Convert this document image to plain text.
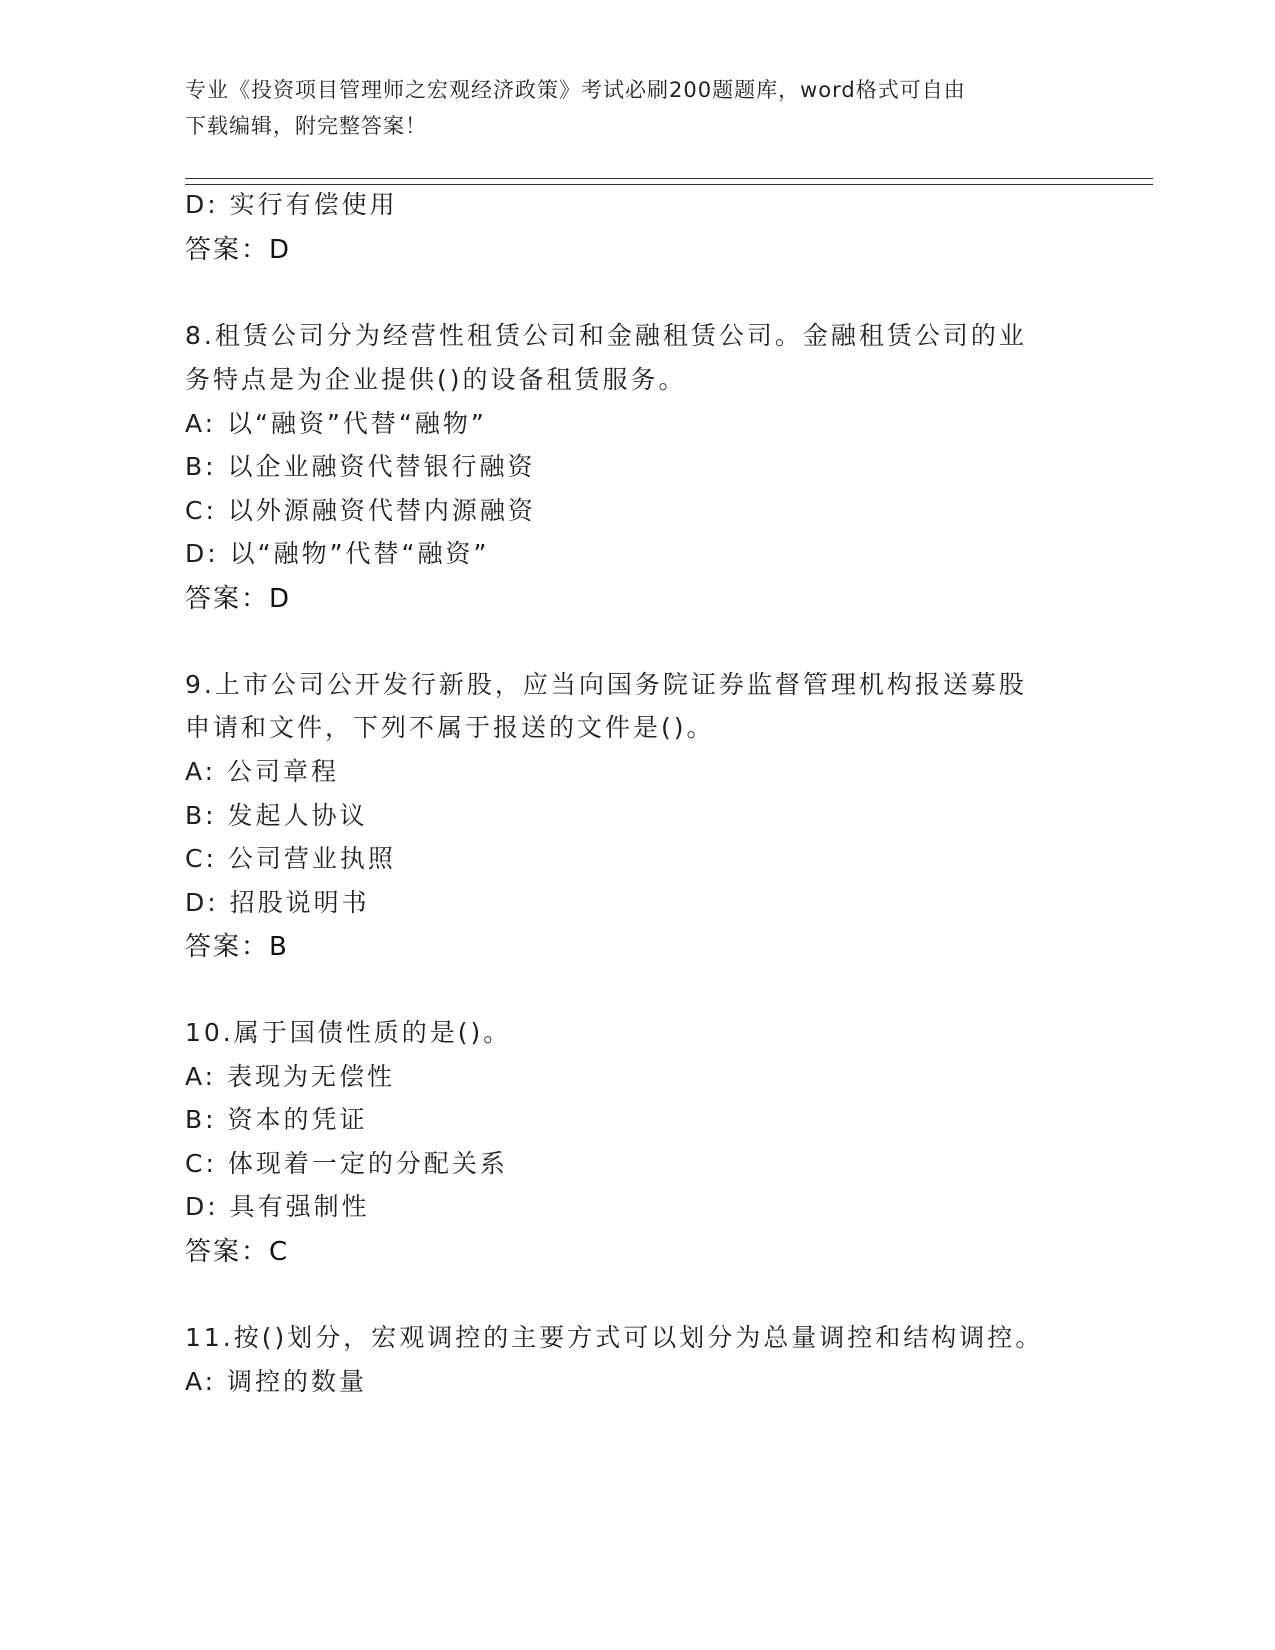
专业《投资项目管理师之宏观经济政策》考试必刷200题题库，word格式可自由
下载编辑，附完整答案！
D: 实行有偿使用
答案：D
8.租赁公司分为经营性租赁公司和金融租赁公司。金融租赁公司的业
务特点是为企业提供()的设备租赁服务。
A: 以“融资”代替“融物”
B: 以企业融资代替银行融资
C: 以外源融资代替内源融资
D: 以“融物”代替“融资”
答案：D
9.上市公司公开发行新股，应当向国务院证券监督管理机构报送募股
申请和文件，下列不属于报送的文件是()。
A: 公司章程
B: 发起人协议
C: 公司营业执照
D: 招股说明书
答案：B
10.属于国债性质的是()。
A: 表现为无偿性
B: 资本的凭证
C: 体现着一定的分配关系
D: 具有强制性
答案：C
11.按()划分，宏观调控的主要方式可以划分为总量调控和结构调控。
A: 调控的数量
